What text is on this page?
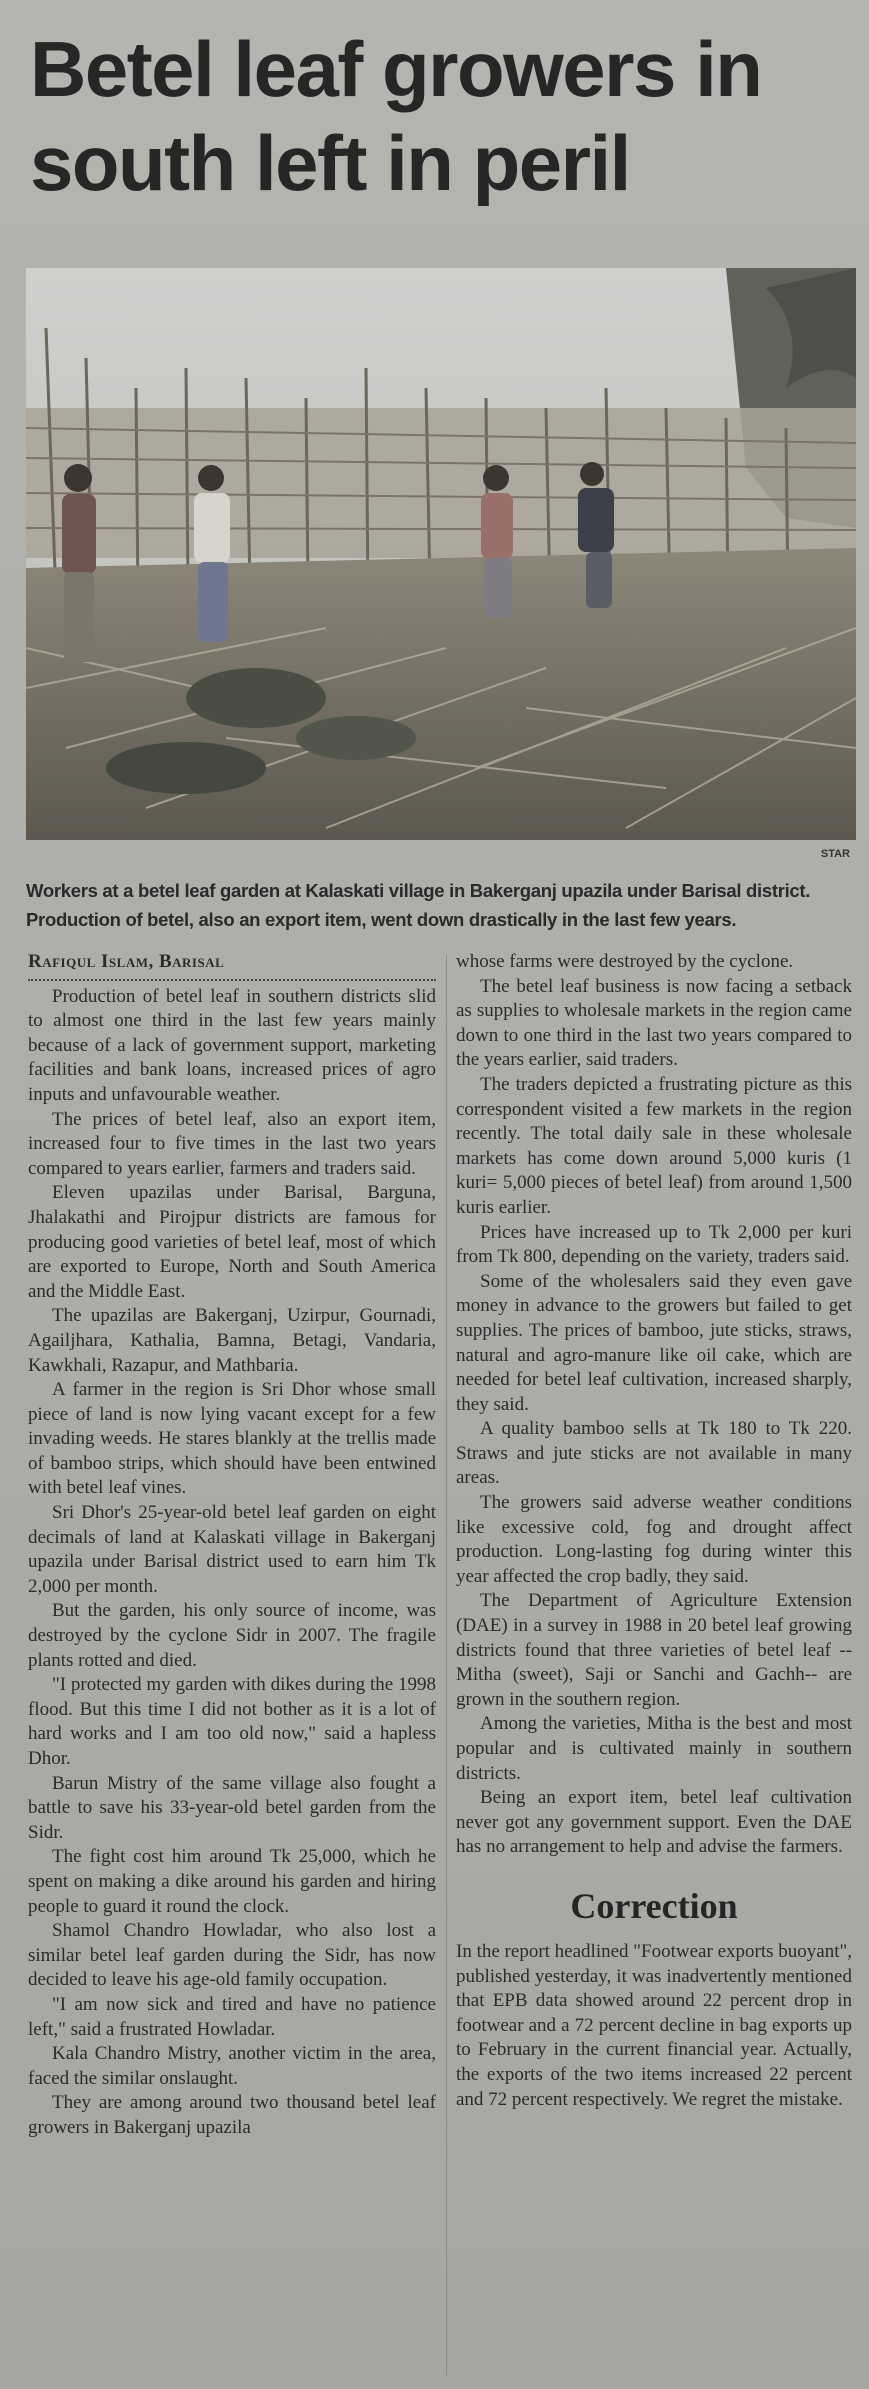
Betel leaf growers in south left in peril
STAR
Workers at a betel leaf garden at Kalaskati village in Bakerganj upazila under Barisal district. Production of betel, also an export item, went down drastically in the last few years.
Rafiqul Islam, Barisal

Production of betel leaf in southern districts slid to almost one third in the last few years mainly because of a lack of government support, marketing facilities and bank loans, increased prices of agro inputs and unfavourable weather.

The prices of betel leaf, also an export item, increased four to five times in the last two years compared to years earlier, farmers and traders said.

Eleven upazilas under Barisal, Barguna, Jhalakathi and Pirojpur districts are famous for producing good varieties of betel leaf, most of which are exported to Europe, North and South America and the Middle East.

The upazilas are Bakerganj, Uzirpur, Gournadi, Agailjhara, Kathalia, Bamna, Betagi, Vandaria, Kawkhali, Razapur, and Mathbaria.

A farmer in the region is Sri Dhor whose small piece of land is now lying vacant except for a few invading weeds. He stares blankly at the trellis made of bamboo strips, which should have been entwined with betel leaf vines.

Sri Dhor's 25-year-old betel leaf garden on eight decimals of land at Kalaskati village in Bakerganj upazila under Barisal district used to earn him Tk 2,000 per month.

But the garden, his only source of income, was destroyed by the cyclone Sidr in 2007. The fragile plants rotted and died.

"I protected my garden with dikes during the 1998 flood. But this time I did not bother as it is a lot of hard works and I am too old now," said a hapless Dhor.

Barun Mistry of the same village also fought a battle to save his 33-year-old betel garden from the Sidr.

The fight cost him around Tk 25,000, which he spent on making a dike around his garden and hiring people to guard it round the clock.

Shamol Chandro Howladar, who also lost a similar betel leaf garden during the Sidr, has now decided to leave his age-old family occupation.

"I am now sick and tired and have no patience left," said a frustrated Howladar.

Kala Chandro Mistry, another victim in the area, faced the similar onslaught.

They are among around two thousand betel leaf growers in Bakerganj upazila

whose farms were destroyed by the cyclone.

The betel leaf business is now facing a setback as supplies to wholesale markets in the region came down to one third in the last two years compared to the years earlier, said traders.

The traders depicted a frustrating picture as this correspondent visited a few markets in the region recently. The total daily sale in these wholesale markets has come down around 5,000 kuris (1 kuri= 5,000 pieces of betel leaf) from around 1,500 kuris earlier.

Prices have increased up to Tk 2,000 per kuri from Tk 800, depending on the variety, traders said.

Some of the wholesalers said they even gave money in advance to the growers but failed to get supplies. The prices of bamboo, jute sticks, straws, natural and agro-manure like oil cake, which are needed for betel leaf cultivation, increased sharply, they said.

A quality bamboo sells at Tk 180 to Tk 220. Straws and jute sticks are not available in many areas.

The growers said adverse weather conditions like excessive cold, fog and drought affect production. Long-lasting fog during winter this year affected the crop badly, they said.

The Department of Agriculture Extension (DAE) in a survey in 1988 in 20 betel leaf growing districts found that three varieties of betel leaf -- Mitha (sweet), Saji or Sanchi and Gachh-- are grown in the southern region.

Among the varieties, Mitha is the best and most popular and is cultivated mainly in southern districts.

Being an export item, betel leaf cultivation never got any government support. Even the DAE has no arrangement to help and advise the farmers.

Correction

In the report headlined "Footwear exports buoyant", published yesterday, it was inadvertently mentioned that EPB data showed around 22 percent drop in footwear and a 72 percent decline in bag exports up to February in the current financial year. Actually, the exports of the two items increased 22 percent and 72 percent respectively. We regret the mistake.
